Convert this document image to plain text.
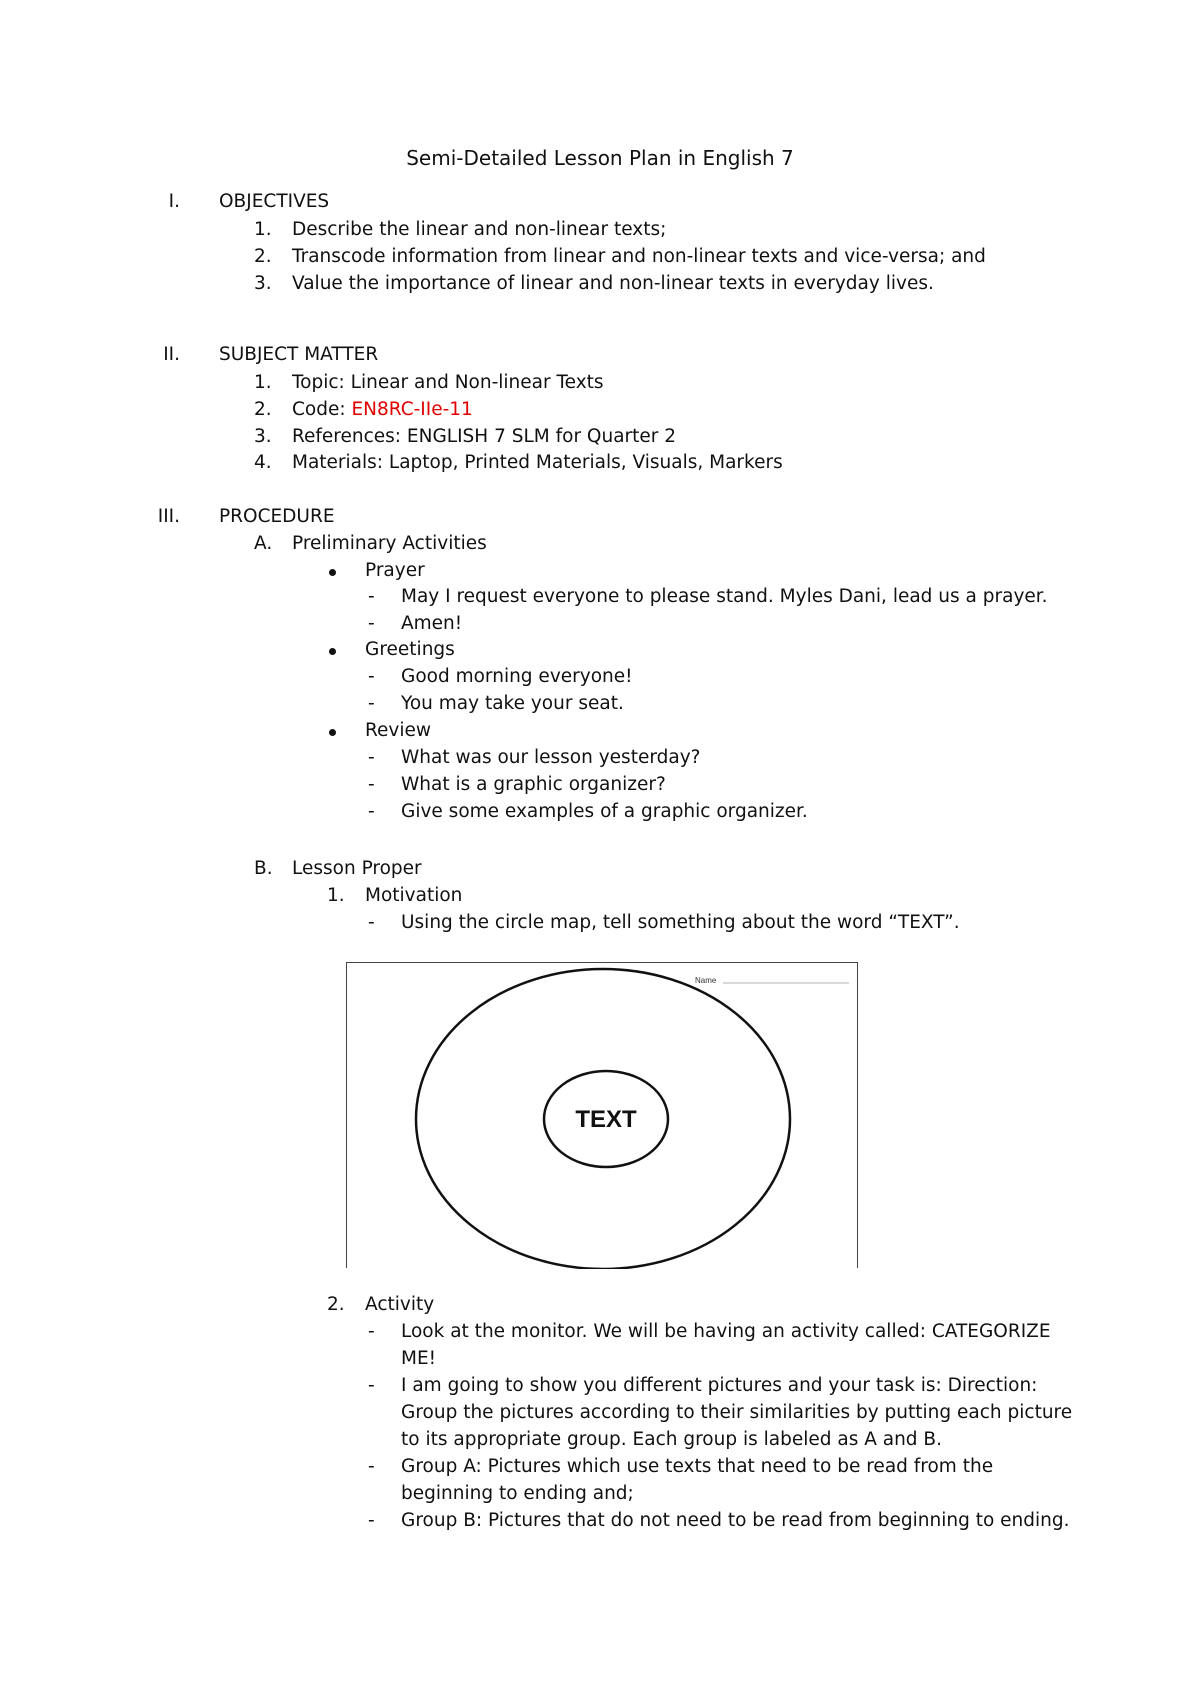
Semi-Detailed Lesson Plan in English 7
I. OBJECTIVES
1. Describe the linear and non-linear texts;
2. Transcode information from linear and non-linear texts and vice-versa; and
3. Value the importance of linear and non-linear texts in everyday lives.
II. SUBJECT MATTER
1. Topic: Linear and Non-linear Texts
2. Code: EN8RC-IIe-11
3. References: ENGLISH 7 SLM for Quarter 2
4. Materials: Laptop, Printed Materials, Visuals, Markers
III. PROCEDURE
A. Preliminary Activities
Prayer
- May I request everyone to please stand. Myles Dani, lead us a prayer.
- Amen!
Greetings
- Good morning everyone!
- You may take your seat.
Review
- What was our lesson yesterday?
- What is a graphic organizer?
- Give some examples of a graphic organizer.
B. Lesson Proper
1. Motivation
- Using the circle map, tell something about the word “TEXT”.
TEXT
Name
2. Activity
- Look at the monitor. We will be having an activity called: CATEGORIZE
ME!
- I am going to show you different pictures and your task is: Direction:
Group the pictures according to their similarities by putting each picture
to its appropriate group. Each group is labeled as A and B.
- Group A: Pictures which use texts that need to be read from the
beginning to ending and;
- Group B: Pictures that do not need to be read from beginning to ending.
